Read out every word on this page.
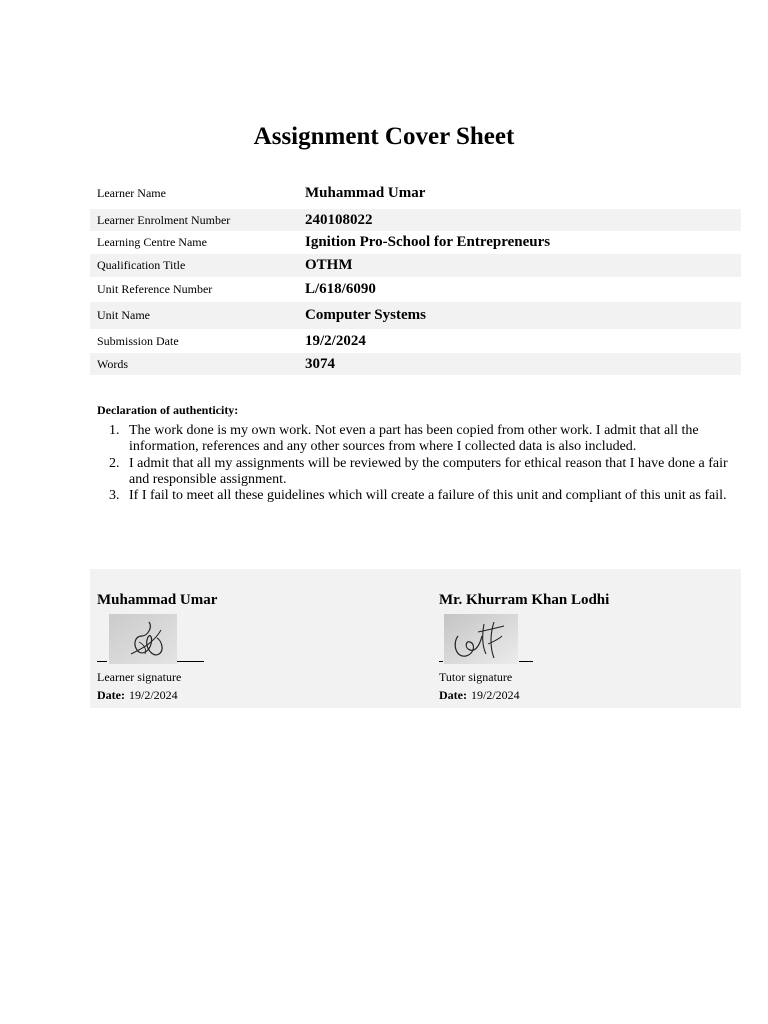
Assignment Cover Sheet
Learner Name	Muhammad Umar
Learner Enrolment Number	240108022
Learning Centre Name	Ignition Pro-School for Entrepreneurs
Qualification Title	OTHM
Unit Reference Number	L/618/6090
Unit Name	Computer Systems
Submission Date	19/2/2024
Words	3074
Declaration of authenticity:
1. The work done is my own work. Not even a part has been copied from other work. I admit that all the information, references and any other sources from where I collected data is also included.
2. I admit that all my assignments will be reviewed by the computers for ethical reason that I have done a fair and responsible assignment.
3. If I fail to meet all these guidelines which will create a failure of this unit and compliant of this unit as fail.
Muhammad Umar
Learner signature
Date: 19/2/2024
Mr. Khurram Khan Lodhi
Tutor signature
Date: 19/2/2024
